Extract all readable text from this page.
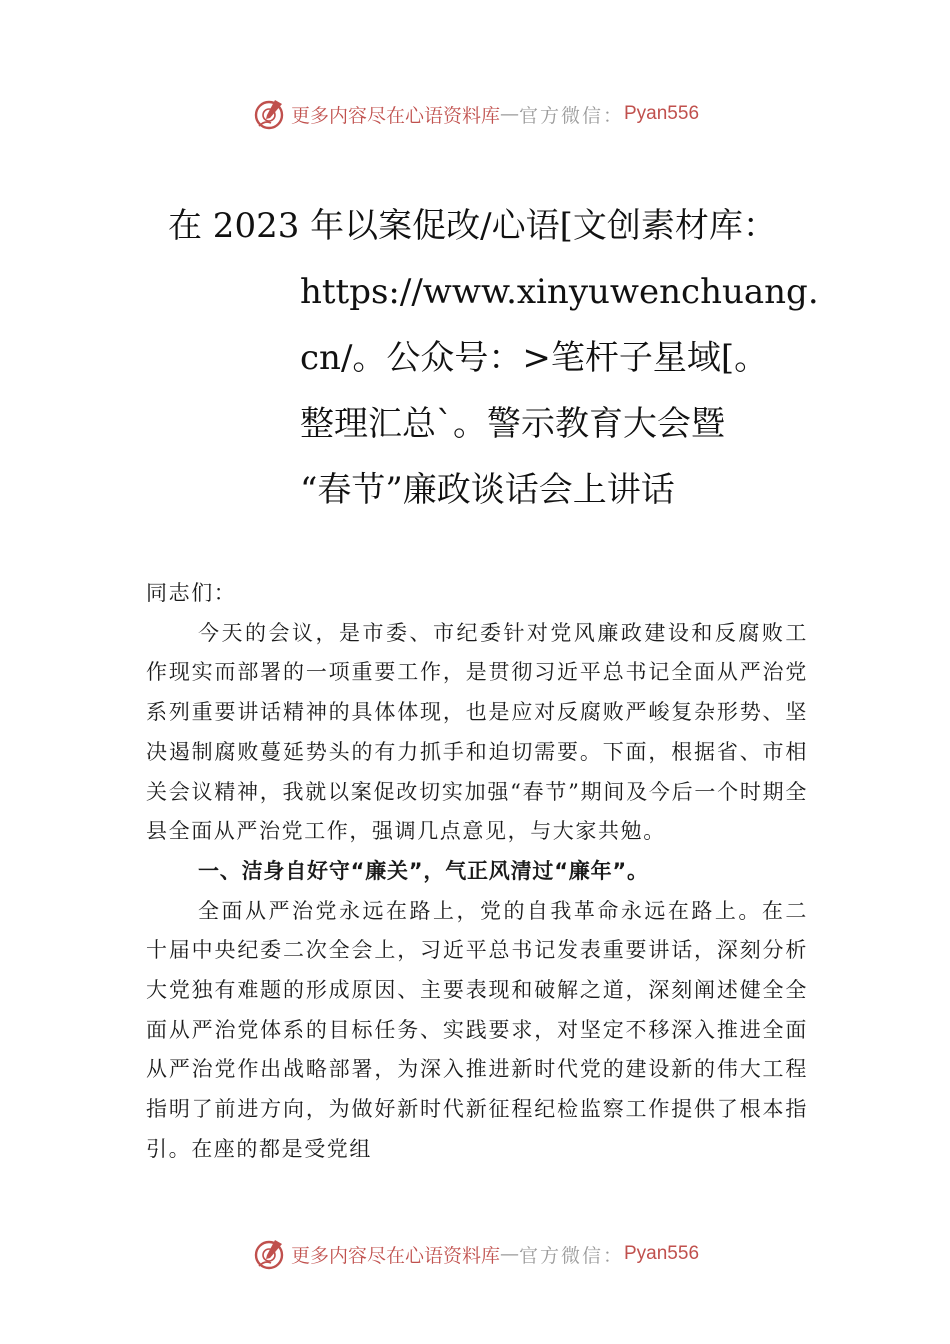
更多内容尽在心语资料库 — 官方微信： Pyan556
在 2023 年以案促改/心语[文创素材库：
https://www.xinyuwenchuang.
cn/。公众号：>笔杆子星域[。
整理汇总`。警示教育大会暨
“春节”廉政谈话会上讲话

同志们：

今天的会议，是市委、市纪委针对党风廉政建设和反腐败工作现实而部署的一项重要工作，是贯彻习近平总书记全面从严治党系列重要讲话精神的具体体现，也是应对反腐败严峻复杂形势、坚决遏制腐败蔓延势头的有力抓手和迫切需要。下面，根据省、市相关会议精神，我就以案促改切实加强“春节”期间及今后一个时期全县全面从严治党工作，强调几点意见，与大家共勉。

一、洁身自好守“廉关”，气正风清过“廉年”。

全面从严治党永远在路上，党的自我革命永远在路上。在二十届中央纪委二次全会上，习近平总书记发表重要讲话，深刻分析大党独有难题的形成原因、主要表现和破解之道，深刻阐述健全全面从严治党体系的目标任务、实践要求，对坚定不移深入推进全面从严治党作出战略部署，为深入推进新时代党的建设新的伟大工程指明了前进方向，为做好新时代新征程纪检监察工作提供了根本指引。在座的都是受党组

更多内容尽在心语资料库 — 官方微信： Pyan556
